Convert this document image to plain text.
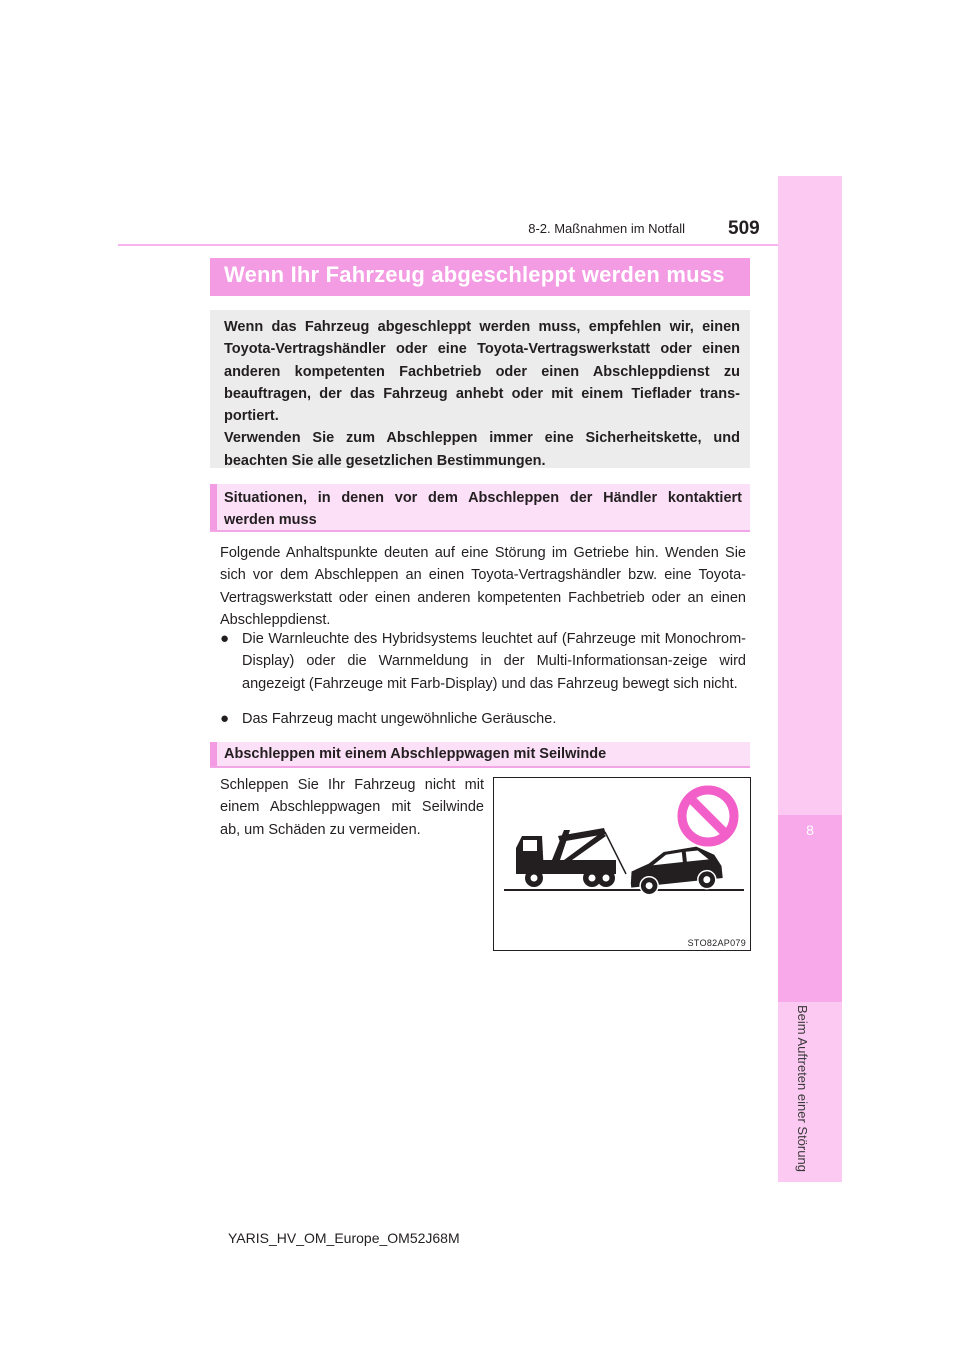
8
Beim Auftreten einer Störung
8-2. Maßnahmen im Notfall 509
Wenn Ihr Fahrzeug abgeschleppt werden muss

Wenn das Fahrzeug abgeschleppt werden muss, empfehlen wir, einen Toyota-Vertragshändler oder eine Toyota-Vertragswerkstatt oder einen anderen kompetenten Fachbetrieb oder einen Abschleppdienst zu beauftragen, der das Fahrzeug anhebt oder mit einem Tieflader trans-portiert.

Verwenden Sie zum Abschleppen immer eine Sicherheitskette, und beachten Sie alle gesetzlichen Bestimmungen.

Situationen, in denen vor dem Abschleppen der Händler kontaktiert werden muss
Folgende Anhaltspunkte deuten auf eine Störung im Getriebe hin. Wenden Sie sich vor dem Abschleppen an einen Toyota-Vertragshändler bzw. eine Toyota-Vertragswerkstatt oder einen anderen kompetenten Fachbetrieb oder an einen Abschleppdienst.
● Die Warnleuchte des Hybridsystems leuchtet auf (Fahrzeuge mit Monochrom-Display) oder die Warnmeldung in der Multi-Informationsan-zeige wird angezeigt (Fahrzeuge mit Farb-Display) und das Fahrzeug bewegt sich nicht.
● Das Fahrzeug macht ungewöhnliche Geräusche.
Abschleppen mit einem Abschleppwagen mit Seilwinde
Schleppen Sie Ihr Fahrzeug nicht mit einem Abschleppwagen mit Seilwinde ab, um Schäden zu vermeiden.
STO82AP079
YARIS_HV_OM_Europe_OM52J68M
